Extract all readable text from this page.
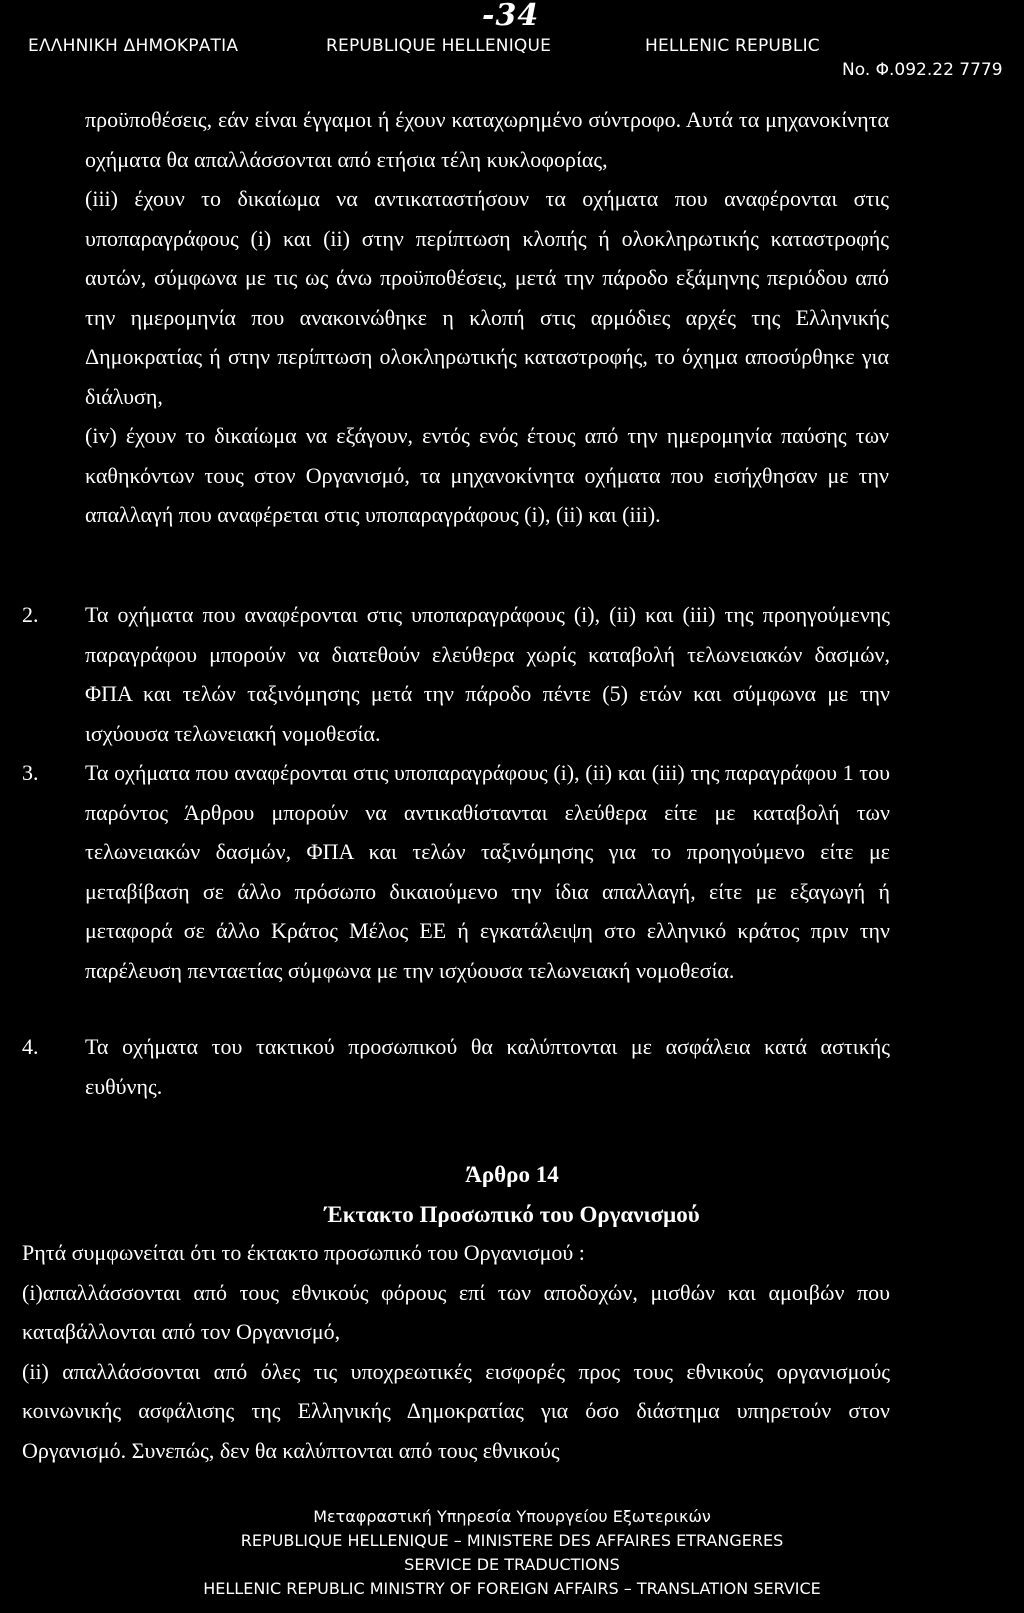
ΕΛΛΗΝΙΚΗ ΔΗΜΟΚΡΑΤΙΑ	REPUBLIQUE HELLENIQUE	HELLENIC REPUBLIC
-34
No. Φ.092.22 7779

προϋποθέσεις, εάν είναι έγγαμοι ή έχουν καταχωρημένο σύντροφο. Αυτά τα μηχανοκίνητα οχήματα θα απαλλάσσονται από ετήσια τέλη κυκλοφορίας,

(iii) έχουν το δικαίωμα να αντικαταστήσουν τα οχήματα που αναφέρονται στις υποπαραγράφους (i) και (ii) στην περίπτωση κλοπής ή ολοκληρωτικής καταστροφής αυτών, σύμφωνα με τις ως άνω προϋποθέσεις, μετά την πάροδο εξάμηνης περιόδου από την ημερομηνία που ανακοινώθηκε η κλοπή στις αρμόδιες αρχές της Ελληνικής Δημοκρατίας ή στην περίπτωση ολοκληρωτικής καταστροφής, το όχημα αποσύρθηκε για διάλυση,

(iv) έχουν το δικαίωμα να εξάγουν, εντός ενός έτους από την ημερομηνία παύσης των καθηκόντων τους στον Οργανισμό, τα μηχανοκίνητα οχήματα που εισήχθησαν με την απαλλαγή που αναφέρεται στις υποπαραγράφους (i), (ii) και (iii).

2. Τα οχήματα που αναφέρονται στις υποπαραγράφους (i), (ii) και (iii) της προηγούμενης παραγράφου μπορούν να διατεθούν ελεύθερα χωρίς καταβολή τελωνειακών δασμών, ΦΠΑ και τελών ταξινόμησης μετά την πάροδο πέντε (5) ετών και σύμφωνα με την ισχύουσα τελωνειακή νομοθεσία.

3. Τα οχήματα που αναφέρονται στις υποπαραγράφους (i), (ii) και (iii) της παραγράφου 1 του παρόντος Άρθρου μπορούν να αντικαθίστανται ελεύθερα είτε με καταβολή των τελωνειακών δασμών, ΦΠΑ και τελών ταξινόμησης για το προηγούμενο είτε με μεταβίβαση σε άλλο πρόσωπο δικαιούμενο την ίδια απαλλαγή, είτε με εξαγωγή ή μεταφορά σε άλλο Κράτος Μέλος ΕΕ ή εγκατάλειψη στο ελληνικό κράτος πριν την παρέλευση πενταετίας σύμφωνα με την ισχύουσα τελωνειακή νομοθεσία.

4. Τα οχήματα του τακτικού προσωπικού θα καλύπτονται με ασφάλεια κατά αστικής ευθύνης.

Άρθρο 14
Έκτακτο Προσωπικό του Οργανισμού

Ρητά συμφωνείται ότι το έκτακτο προσωπικό του Οργανισμού :

(i)απαλλάσσονται από τους εθνικούς φόρους επί των αποδοχών, μισθών και αμοιβών που καταβάλλονται από τον Οργανισμό,

(ii) απαλλάσσονται από όλες τις υποχρεωτικές εισφορές προς τους εθνικούς οργανισμούς κοινωνικής ασφάλισης της Ελληνικής Δημοκρατίας για όσο διάστημα υπηρετούν στον Οργανισμό. Συνεπώς, δεν θα καλύπτονται από τους εθνικούς

Μεταφραστική Υπηρεσία Υπουργείου Εξωτερικών
REPUBLIQUE HELLENIQUE – MINISTERE DES AFFAIRES ETRANGERES
SERVICE DE TRADUCTIONS
HELLENIC REPUBLIC MINISTRY OF FOREIGN AFFAIRS – TRANSLATION SERVICE
